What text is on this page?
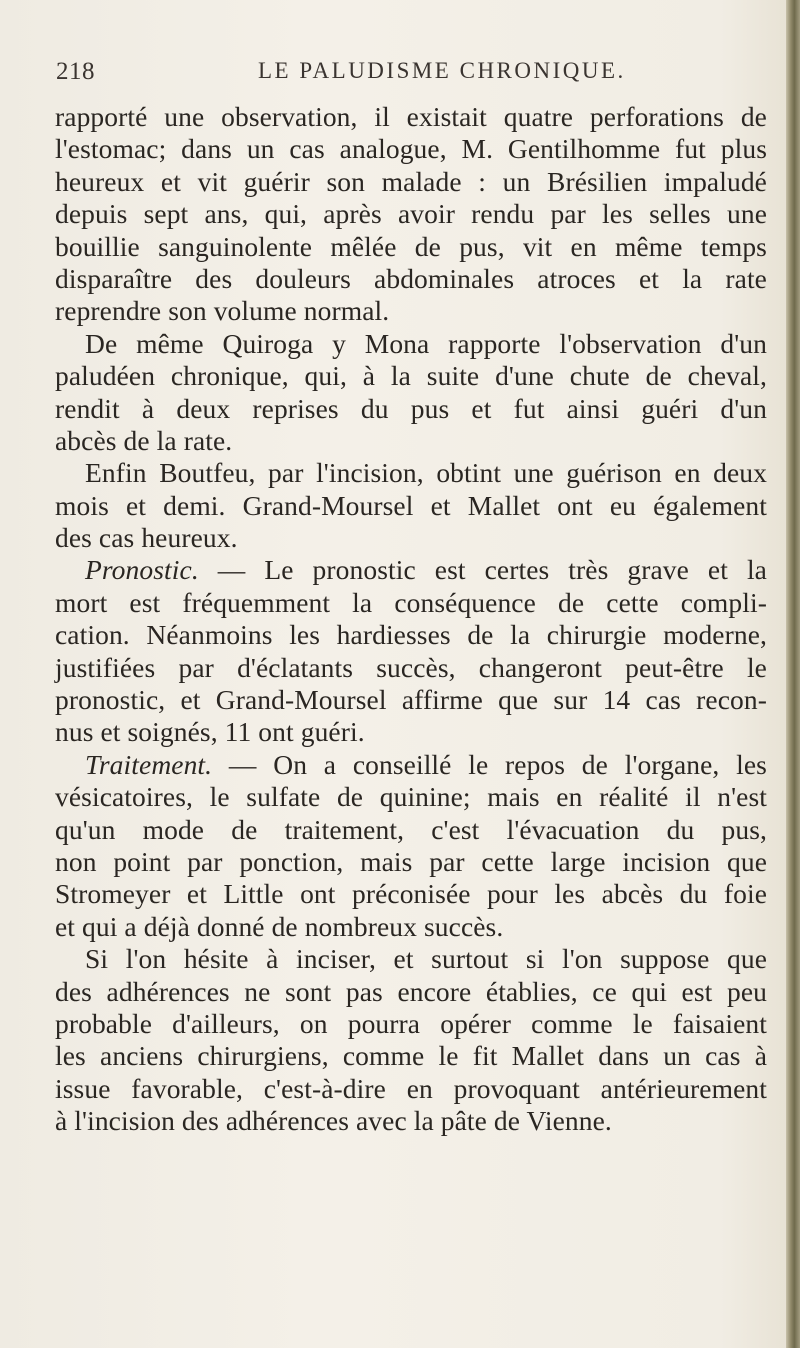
218	LE PALUDISME CHRONIQUE.
rapporté une observation, il existait quatre perforations de
l'estomac; dans un cas analogue, M. Gentilhomme fut plus
heureux et vit guérir son malade : un Brésilien impaludé
depuis sept ans, qui, après avoir rendu par les selles une
bouillie sanguinolente mêlée de pus, vit en même temps
disparaître des douleurs abdominales atroces et la rate
reprendre son volume normal.
De même Quiroga y Mona rapporte l'observation d'un
paludéen chronique, qui, à la suite d'une chute de cheval,
rendit à deux reprises du pus et fut ainsi guéri d'un
abcès de la rate.
Enfin Boutfeu, par l'incision, obtint une guérison en deux
mois et demi. Grand-Moursel et Mallet ont eu également
des cas heureux.
Pronostic. — Le pronostic est certes très grave et la
mort est fréquemment la conséquence de cette compli-
cation. Néanmoins les hardiesses de la chirurgie moderne,
justifiées par d'éclatants succès, changeront peut-être le
pronostic, et Grand-Moursel affirme que sur 14 cas recon-
nus et soignés, 11 ont guéri.
Traitement. — On a conseillé le repos de l'organe, les
vésicatoires, le sulfate de quinine; mais en réalité il n'est
qu'un mode de traitement, c'est l'évacuation du pus,
non point par ponction, mais par cette large incision que
Stromeyer et Little ont préconisée pour les abcès du foie
et qui a déjà donné de nombreux succès.
Si l'on hésite à inciser, et surtout si l'on suppose que
des adhérences ne sont pas encore établies, ce qui est peu
probable d'ailleurs, on pourra opérer comme le faisaient
les anciens chirurgiens, comme le fit Mallet dans un cas à
issue favorable, c'est-à-dire en provoquant antérieurement
à l'incision des adhérences avec la pâte de Vienne.
